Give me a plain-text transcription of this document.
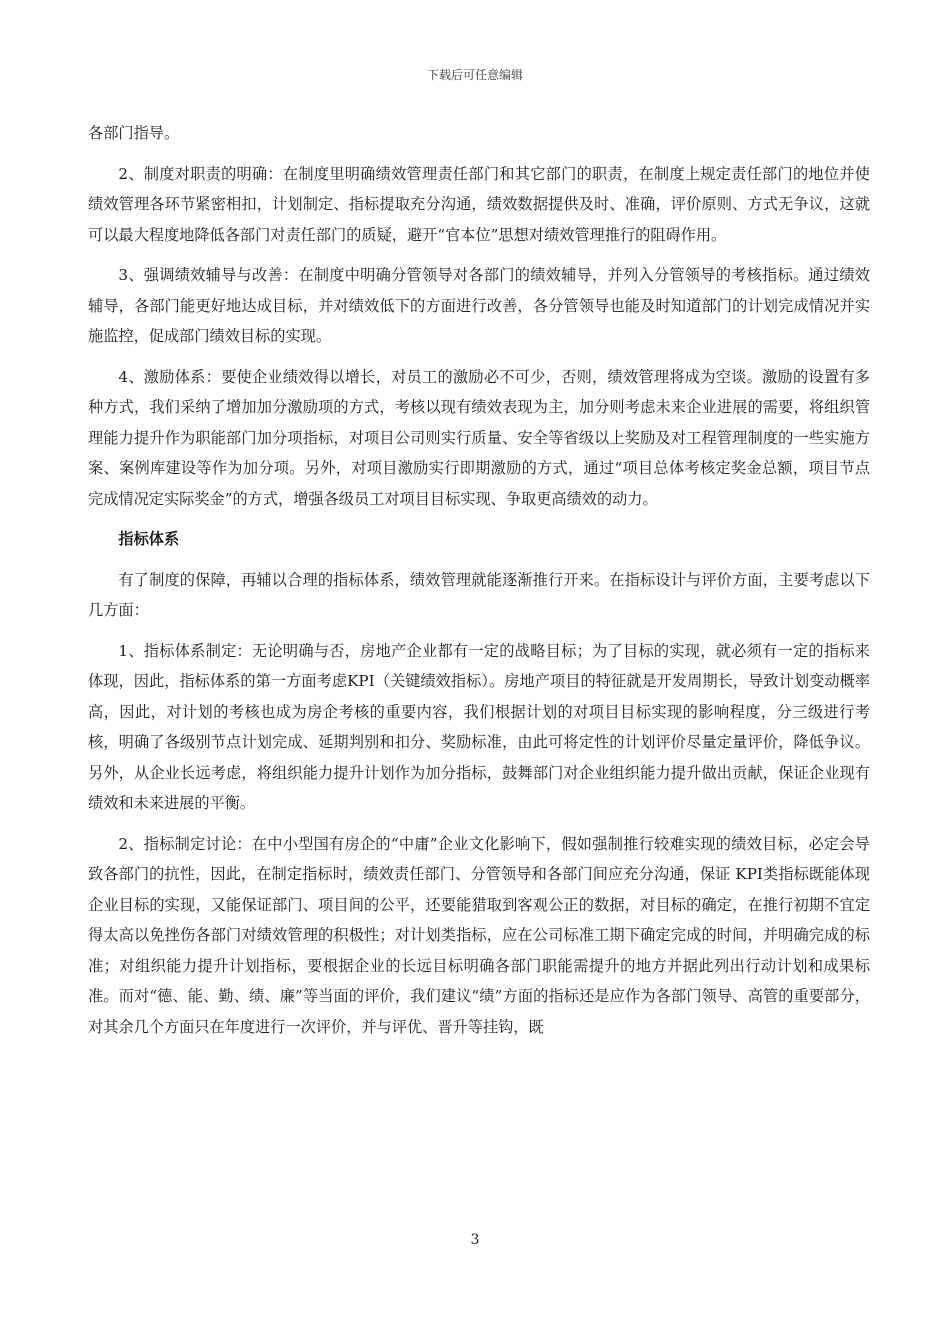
下载后可任意编辑

各部门指导。

2、制度对职责的明确：在制度里明确绩效管理责任部门和其它部门的职责，在制度上规定责任部门的地位并使绩效管理各环节紧密相扣，计划制定、指标提取充分沟通，绩效数据提供及时、准确，评价原则、方式无争议，这就可以最大程度地降低各部门对责任部门的质疑，避开“官本位”思想对绩效管理推行的阻碍作用。

3、强调绩效辅导与改善：在制度中明确分管领导对各部门的绩效辅导，并列入分管领导的考核指标。通过绩效辅导，各部门能更好地达成目标，并对绩效低下的方面进行改善，各分管领导也能及时知道部门的计划完成情况并实施监控，促成部门绩效目标的实现。

4、激励体系：要使企业绩效得以增长，对员工的激励必不可少，否则，绩效管理将成为空谈。激励的设置有多种方式，我们采纳了增加加分激励项的方式，考核以现有绩效表现为主，加分则考虑未来企业进展的需要，将组织管理能力提升作为职能部门加分项指标，对项目公司则实行质量、安全等省级以上奖励及对工程管理制度的一些实施方案、案例库建设等作为加分项。另外，对项目激励实行即期激励的方式，通过“项目总体考核定奖金总额，项目节点完成情况定实际奖金”的方式，增强各级员工对项目目标实现、争取更高绩效的动力。

指标体系

有了制度的保障，再辅以合理的指标体系，绩效管理就能逐渐推行开来。在指标设计与评价方面，主要考虑以下几方面：

1、指标体系制定：无论明确与否，房地产企业都有一定的战略目标；为了目标的实现，就必须有一定的指标来体现，因此，指标体系的第一方面考虑KPI（关键绩效指标）。房地产项目的特征就是开发周期长，导致计划变动概率高，因此，对计划的考核也成为房企考核的重要内容，我们根据计划的对项目目标实现的影响程度，分三级进行考核，明确了各级别节点计划完成、延期判别和扣分、奖励标准，由此可将定性的计划评价尽量定量评价，降低争议。另外，从企业长远考虑，将组织能力提升计划作为加分指标，鼓舞部门对企业组织能力提升做出贡献，保证企业现有绩效和未来进展的平衡。

2、指标制定讨论：在中小型国有房企的“中庸”企业文化影响下，假如强制推行较难实现的绩效目标，必定会导致各部门的抗性，因此，在制定指标时，绩效责任部门、分管领导和各部门间应充分沟通，保证 KPI类指标既能体现企业目标的实现，又能保证部门、项目间的公平，还要能猎取到客观公正的数据，对目标的确定，在推行初期不宜定得太高以免挫伤各部门对绩效管理的积极性；对计划类指标，应在公司标准工期下确定完成的时间，并明确完成的标准；对组织能力提升计划指标，要根据企业的长远目标明确各部门职能需提升的地方并据此列出行动计划和成果标准。而对“德、能、勤、绩、廉”等当面的评价，我们建议“绩”方面的指标还是应作为各部门领导、高管的重要部分，对其余几个方面只在年度进行一次评价，并与评优、晋升等挂钩，既

3
